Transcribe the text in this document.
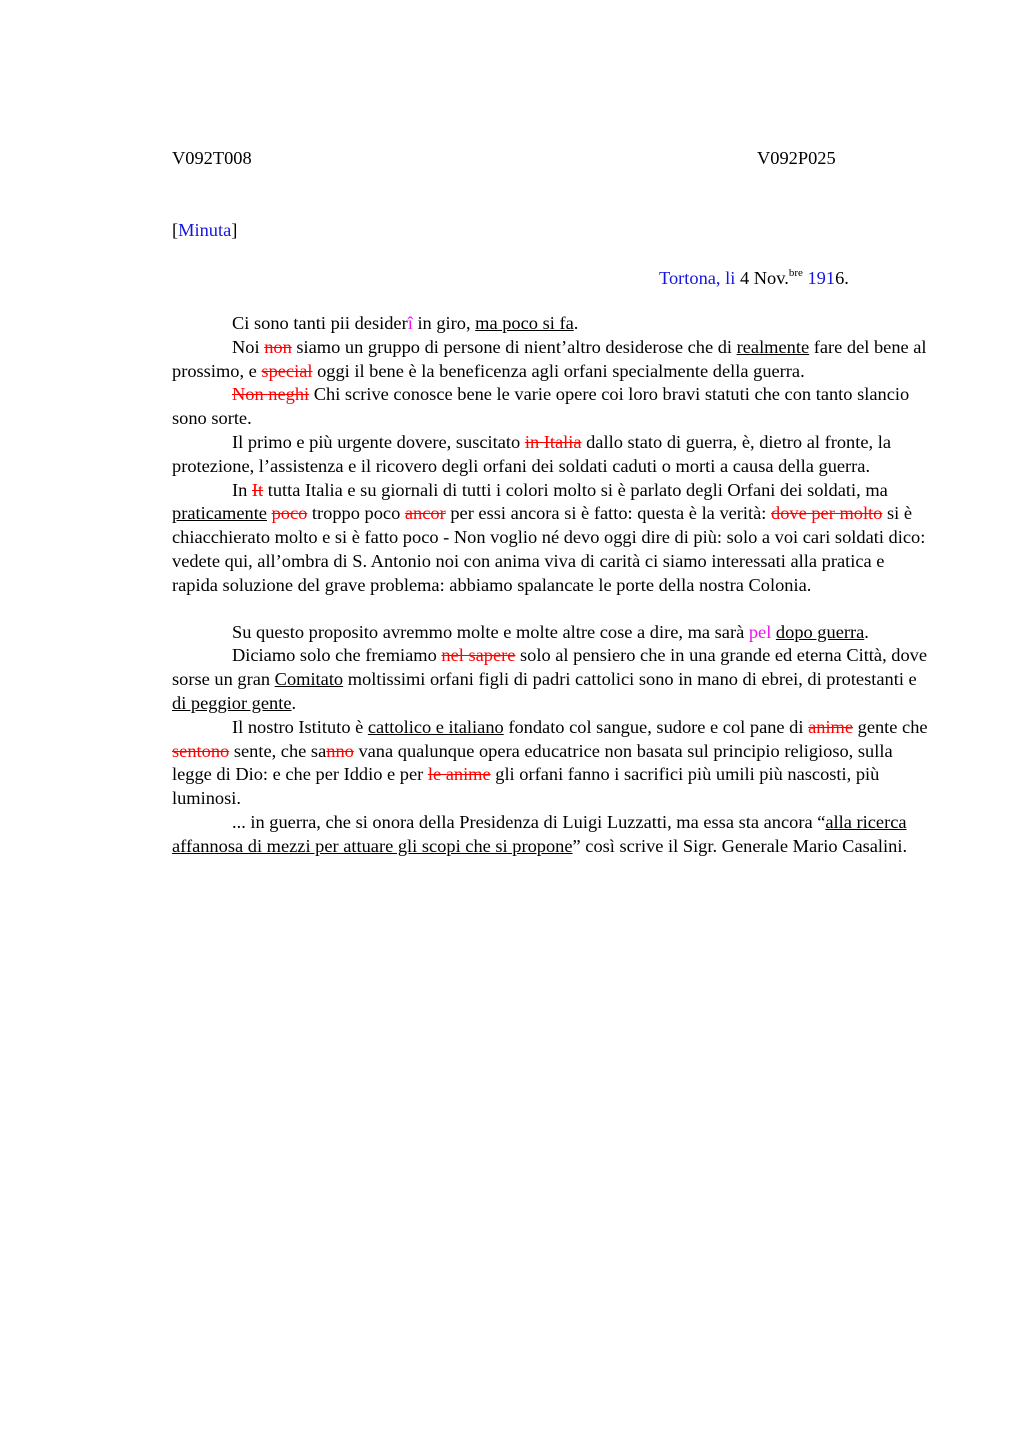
V092T008	V092P025
[Minuta]
Tortona, li 4 Nov.$^{bre}$ 1916.

Ci sono tanti pii desiderî in giro, ma poco si fa.

Noi non siamo un gruppo di persone di nient’altro desiderose che di realmente fare del bene al prossimo, e special oggi il bene è la beneficenza agli orfani specialmente della guerra.

Non neghi Chi scrive conosce bene le varie opere coi loro bravi statuti che con tanto slancio sono sorte.

Il primo e più urgente dovere, suscitato in Italia dallo stato di guerra, è, dietro al fronte, la protezione, l’assistenza e il ricovero degli orfani dei soldati caduti o morti a causa della guerra.

In It tutta Italia e su giornali di tutti i colori molto si è parlato degli Orfani dei soldati, ma praticamente poco troppo poco ancor per essi ancora si è fatto: questa è la verità: dove per molto si è chiacchierato molto e si è fatto poco - Non voglio né devo oggi dire di più: solo a voi cari soldati dico: vedete qui, all’ombra di S. Antonio noi con anima viva di carità ci siamo interessati alla pratica e rapida soluzione del grave problema: abbiamo spalancate le porte della nostra Colonia.

Su questo proposito avremmo molte e molte altre cose a dire, ma sarà pel dopo guerra.

Diciamo solo che fremiamo nel sapere solo al pensiero che in una grande ed eterna Città, dove sorse un gran Comitato moltissimi orfani figli di padri cattolici sono in mano di ebrei, di protestanti e di peggior gente.

Il nostro Istituto è cattolico e italiano fondato col sangue, sudore e col pane di anime gente che sentono sente, che sanno vana qualunque opera educatrice non basata sul principio religioso, sulla legge di Dio: e che per Iddio e per le anime gli orfani fanno i sacrifici più umili più nascosti, più luminosi.

... in guerra, che si onora della Presidenza di Luigi Luzzatti, ma essa sta ancora “alla ricerca affannosa di mezzi per attuare gli scopi che si propone” così scrive il Sigr. Generale Mario Casalini.
